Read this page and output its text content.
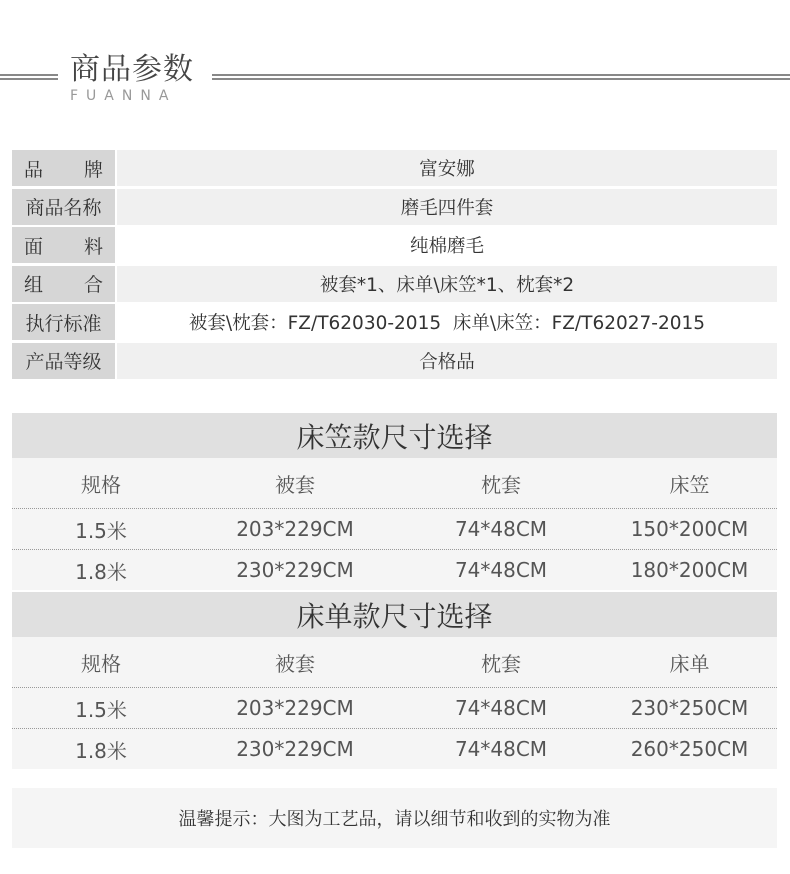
商品参数
FUANNA
品 牌	富安娜
商品名称	磨毛四件套
面 料	纯棉磨毛
组 合	被套*1、床单\床笠*1、枕套*2
执行标准	被套\枕套：FZ/T62030-2015  床单\床笠：FZ/T62027-2015
产品等级	合格品
床笠款尺寸选择
规格	被套	枕套	床笠
1.5米	203*229CM	74*48CM	150*200CM
1.8米	230*229CM	74*48CM	180*200CM
床单款尺寸选择
规格	被套	枕套	床单
1.5米	203*229CM	74*48CM	230*250CM
1.8米	230*229CM	74*48CM	260*250CM
温馨提示：大图为工艺品，请以细节和收到的实物为准
